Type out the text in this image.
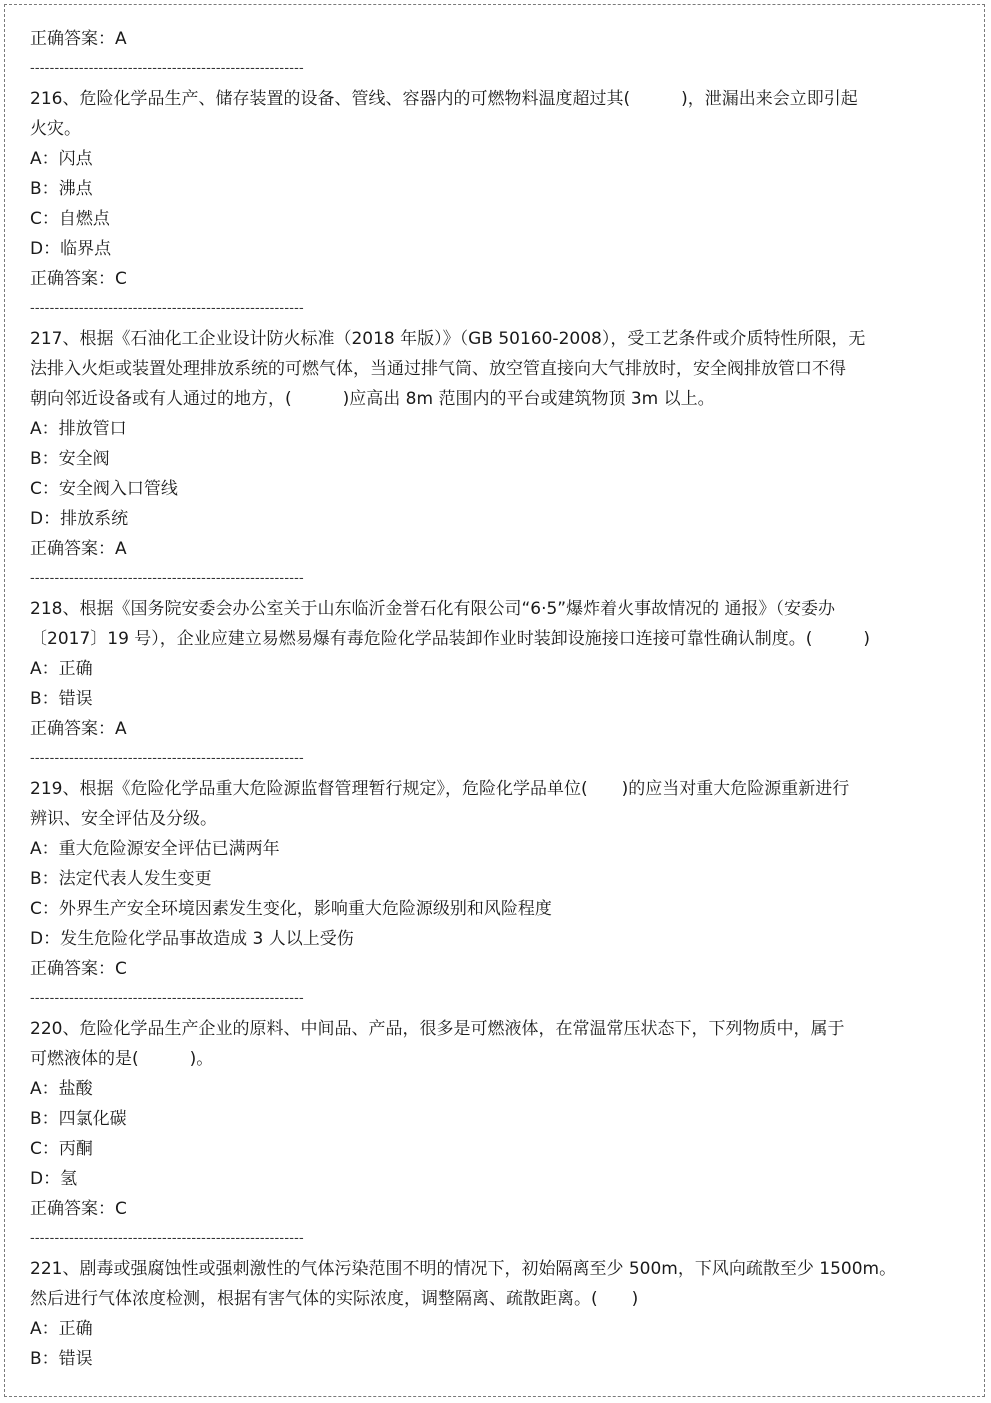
正确答案：A
--------------------------------------------------------
216、危险化学品生产、储存装置的设备、管线、容器内的可燃物料温度超过其(　　　)，泄漏出来会立即引起
火灾。
A：闪点
B：沸点
C：自燃点
D：临界点
正确答案：C
--------------------------------------------------------
217、根据《石油化工企业设计防火标准（2018 年版）》（GB 50160-2008），受工艺条件或介质特性所限，无
法排入火炬或装置处理排放系统的可燃气体，当通过排气筒、放空管直接向大气排放时，安全阀排放管口不得
朝向邻近设备或有人通过的地方，(　　　)应高出 8m 范围内的平台或建筑物顶 3m 以上。
A：排放管口
B：安全阀
C：安全阀入口管线
D：排放系统
正确答案：A
--------------------------------------------------------
218、根据《国务院安委会办公室关于山东临沂金誉石化有限公司“6·5”爆炸着火事故情况的 通报》（安委办
〔2017〕19 号），企业应建立易燃易爆有毒危险化学品装卸作业时装卸设施接口连接可靠性确认制度。(　　　)
A：正确
B：错误
正确答案：A
--------------------------------------------------------
219、根据《危险化学品重大危险源监督管理暂行规定》，危险化学品单位(　　)的应当对重大危险源重新进行
辨识、安全评估及分级。
A：重大危险源安全评估已满两年
B：法定代表人发生变更
C：外界生产安全环境因素发生变化，影响重大危险源级别和风险程度
D：发生危险化学品事故造成 3 人以上受伤
正确答案：C
--------------------------------------------------------
220、危险化学品生产企业的原料、中间品、产品，很多是可燃液体，在常温常压状态下，下列物质中，属于
可燃液体的是(　　　)。
A：盐酸
B：四氯化碳
C：丙酮
D：氢
正确答案：C
--------------------------------------------------------
221、剧毒或强腐蚀性或强刺激性的气体污染范围不明的情况下，初始隔离至少 500m，下风向疏散至少 1500m。
然后进行气体浓度检测，根据有害气体的实际浓度，调整隔离、疏散距离。(　　)
A：正确
B：错误
